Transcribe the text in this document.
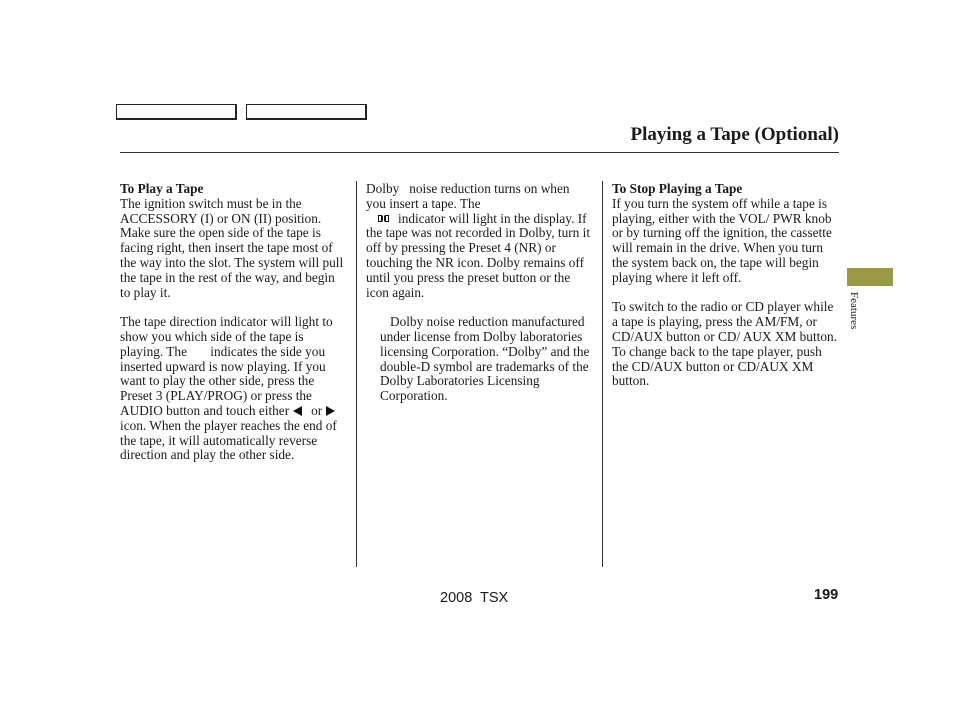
Playing a Tape (Optional)
To Play a Tape

The ignition switch must be in the ACCESSORY (I) or ON (II) position. Make sure the open side of the tape is facing right, then insert the tape most of the way into the slot. The system will pull the tape in the rest of the way, and begin to play it.

The tape direction indicator will light to show you which side of the tape is playing. The indicates the side you inserted upward is now playing. If you want to play the other side, press the Preset 3 (PLAY/PROG) or press the AUDIO button and touch either oricon. When the player reaches the end of the tape, it will automatically reverse direction and play the other side.

Dolby noise reduction turns on when you insert a tape. The

indicator will light in the display. If the tape was not recorded in Dolby, turn it off by pressing the Preset 4 (NR) or touching the NR icon. Dolby remains off until you press the preset button or the icon again.

Dolby noise reduction manufactured under license from Dolby laboratories licensing Corporation. “Dolby” and the double-D symbol are trademarks of the Dolby Laboratories Licensing Corporation.

To Stop Playing a Tape

If you turn the system off while a tape is playing, either with the VOL/ PWR knob or by turning off the ignition, the cassette will remain in the drive. When you turn the system back on, the tape will begin playing where it left off.

To switch to the radio or CD player while a tape is playing, press the AM/FM, or CD/AUX button or CD/ AUX XM button. To change back to the tape player, push the CD/AUX button or CD/AUX XM button.

Features
2008 TSX	199
